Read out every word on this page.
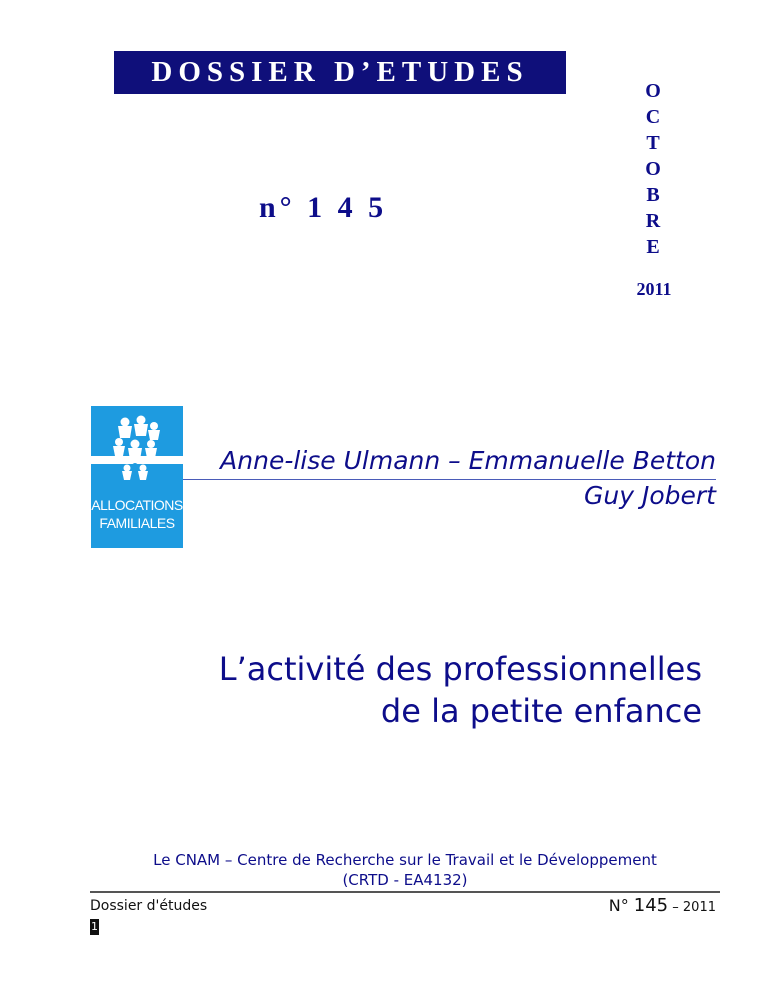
DOSSIER D’ETUDES
O
C
T
O
B
R
E
2011
n° 1 4 5
ALLOCATIONS
FAMILIALES
Anne-lise Ulmann – Emmanuelle Betton
Guy Jobert
L’activité des professionnelles
de la petite enfance
Le CNAM – Centre de Recherche sur le Travail et le Développement
(CRTD - EA4132)
Dossier d'études	N° 145 – 2011
1
